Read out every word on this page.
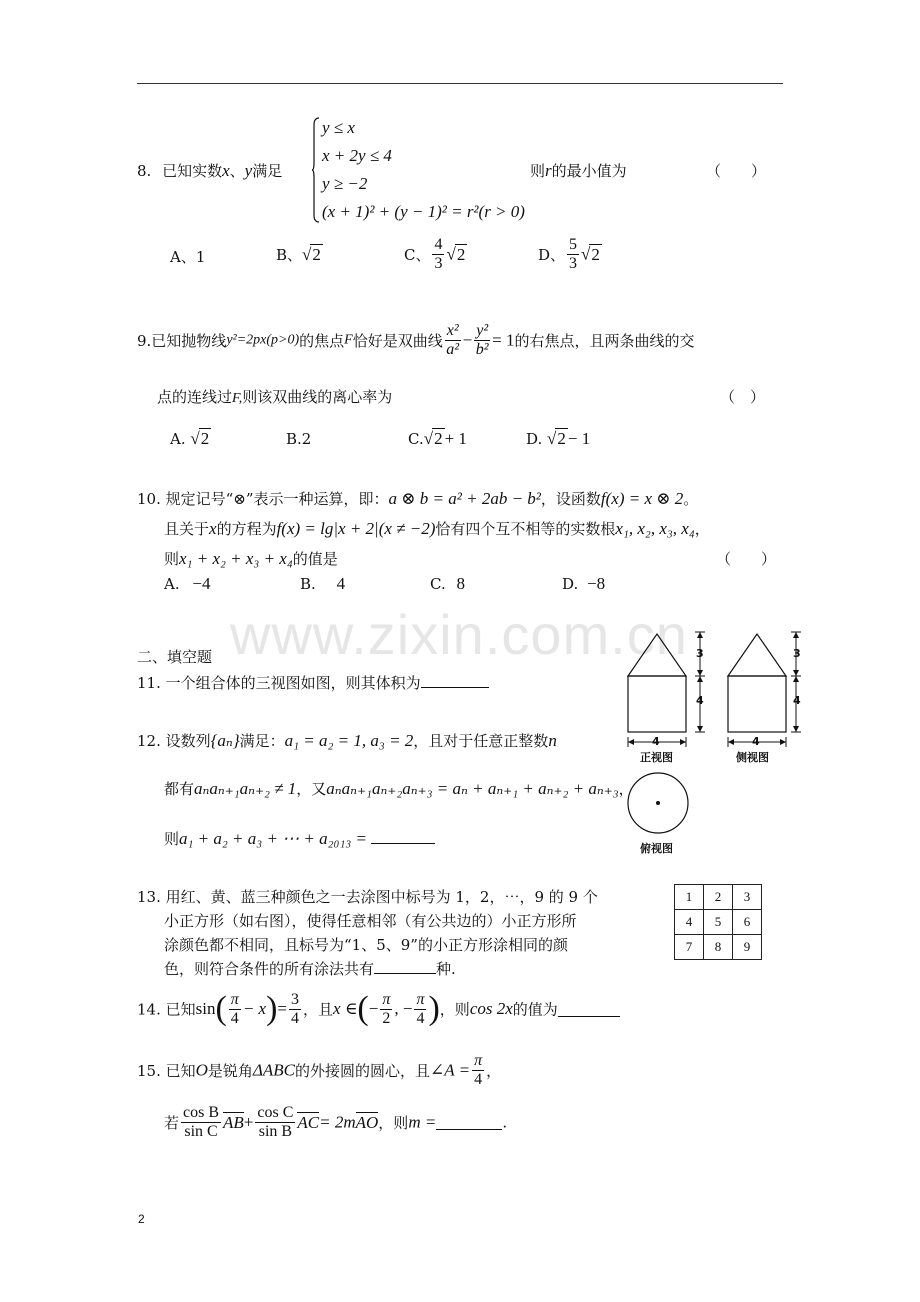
www.zixin.com.cn
8. 已知实数x、y满足
y ≤ x
x + 2y ≤ 4
y ≥ −2
(x + 1)² + (y − 1)² = r²(r > 0)
则r的最小值为	（　　）
A、1	B、√2	C、 $\frac{4}{3} √2$	D、 $\frac{5}{3} √2$
9.已知抛物线y²=2px(p>0)的焦点F恰好是双曲线 $\frac{\text{x²}}{\text{a²}} - \frac{\text{y²}}{\text{b²}} = 1$的右焦点，且两条曲线的交
点的连线过F,则该双曲线的离心率为	（　）
A. √2	B.2	C.√2 + 1	D. √2 − 1
10. 规定记号“⊗”表示一种运算，即：a ⊗ b = a² + 2ab − b²，设函数f(x) = x ⊗ 2。
且关于x的方程为f(x) = lg|x + 2|(x ≠ −2)恰有四个互不相等的实数根x₁, x₂, x₃, x₄，
则x₁ + x₂ + x₃ + x₄的值是	（　　）
A. −4	B. 4	C. 8	D. −8
二、填空题
11. 一个组合体的三视图如图，则其体积为
3
4
4
3
4
4
正视图	侧视图
俯视图
12. 设数列{aₙ}满足：a₁ = a₂ = 1, a₃ = 2，且对于任意正整数n
都有aₙaₙ₊₁aₙ₊₂ ≠ 1，又aₙaₙ₊₁aₙ₊₂aₙ₊₃ = aₙ + aₙ₊₁ + aₙ₊₂ + aₙ₊₃，
则a₁ + a₂ + a₃ + ⋯ + a₂₀₁₃ =
13. 用红、黄、蓝三种颜色之一去涂图中标号为 1，2，⋯，9 的 9 个
小正方形（如右图），使得任意相邻（有公共边的）小正方形所
涂颜色都不相同，且标号为“1、5、9”的小正方形涂相同的颜
色，则符合条件的所有涂法共有	种.
1	2	3
4	5	6
7	8	9
14. 已知$\sin( \frac{\pi}{4} - x)= \frac{3}{4}$ ，且x ∈(− $\frac{\pi}{2}$ , − $\frac{\pi}{4}$ )，则cos 2x的值为
15. 已知O是锐角ΔABC的外接圆的圆心，且∠A = $\frac{\pi}{4}$ ，
若 $\frac{\text{cos B}}{\text{sin C}} AB+ \frac{\text{cos C}}{\text{sin B}} AC= 2mAO$，则m =	.
2
